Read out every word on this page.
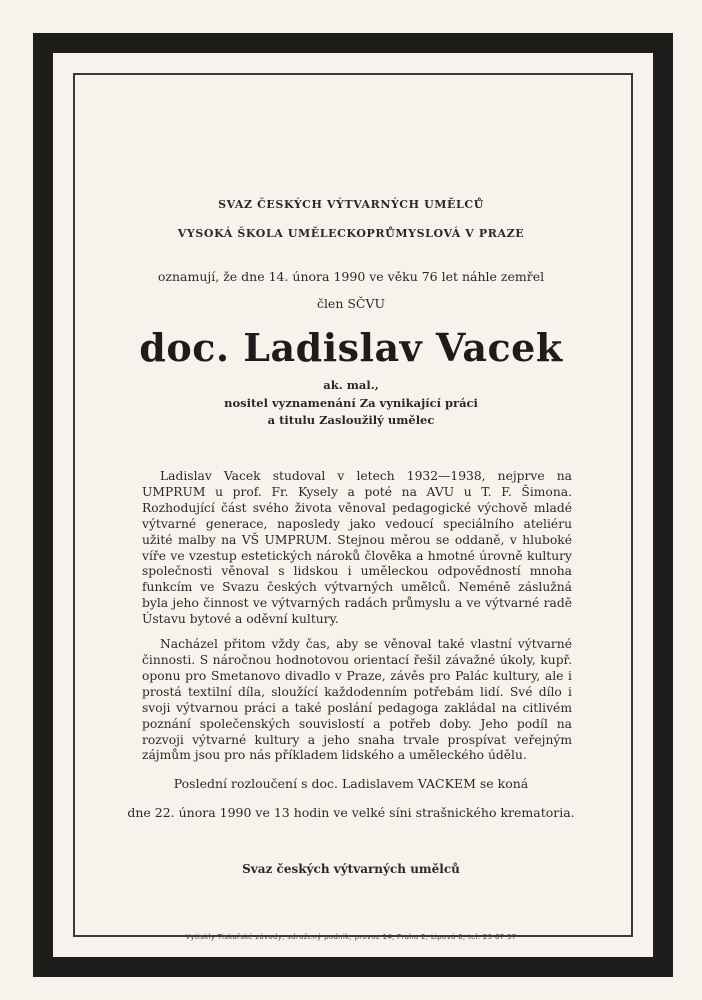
SVAZ ČESKÝCH VÝTVARNÝCH UMĚLCŮ
VYSOKÁ ŠKOLA UMĚLECKOPRŮMYSLOVÁ V PRAZE
oznamují, že dne 14. února 1990 ve věku 76 let náhle zemřel
člen SČVU
doc. Ladislav Vacek
ak. mal.,
nositel vyznamenání Za vynikající práci
a titulu Zasloužilý umělec

Ladislav Vacek studoval v letech 1932—1938, nejprve na UMPRUM u prof. Fr. Kysely a poté na AVU u T. F. Šimona. Rozhodující část svého života věnoval pedagogické výchově mladé výtvarné generace, naposledy jako vedoucí speciálního ateliéru užité malby na VŠ UMPRUM. Stejnou měrou se oddaně, v hluboké víře ve vzestup estetických nároků člověka a hmotné úrovně kultury společnosti věnoval s lidskou i uměleckou odpovědností mnoha funkcím ve Svazu českých výtvarných umělců. Neméně záslužná byla jeho činnost ve výtvarných radách průmyslu a ve výtvarné radě Ústavu bytové a oděvní kultury.

Nacházel přitom vždy čas, aby se věnoval také vlastní výtvarné činnosti. S náročnou hodnotovou orientací řešil závažné úkoly, kupř. oponu pro Smetanovo divadlo v Praze, závěs pro Palác kultury, ale i prostá textilní díla, sloužící každodenním potřebám lidí. Své dílo i svoji výtvarnou práci a také poslání pedagoga zakládal na citlivém poznání společenských souvislostí a potřeb doby. Jeho podíl na rozvoji výtvarné kultury a jeho snaha trvale prospívat veřejným zájmům jsou pro nás příkladem lidského a uměleckého údělu.

Poslední rozloučení s doc. Ladislavem VACKEM se koná
dne 22. února 1990 ve 13 hodin ve velké síni strašnického krematoria.
Svaz českých výtvarných umělců
Vytiskly Tiskařské závody, sdružený podnik, provoz 14, Praha 2, Lipová 6, tel. 29 67 97
